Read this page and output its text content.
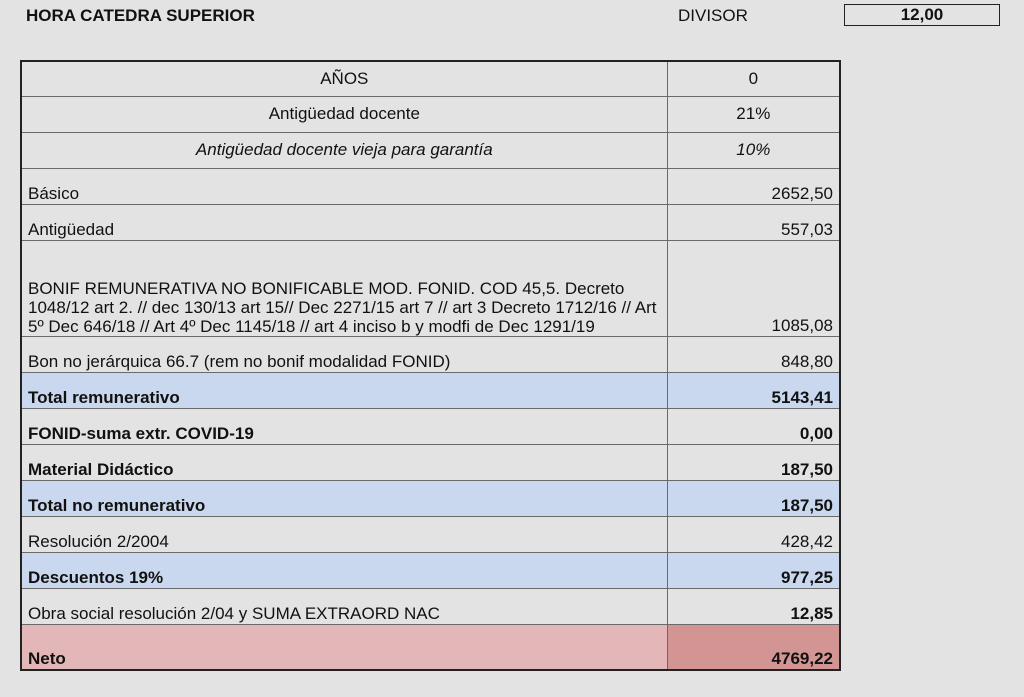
HORA CATEDRA SUPERIOR	DIVISOR	12,00
AÑOS	0
Antigüedad docente	21%
Antigüedad docente vieja para garantía	10%
Básico	2652,50
Antigüedad	557,03
BONIF REMUNERATIVA NO BONIFICABLE MOD. FONID. COD 45,5. Decreto 1048/12 art 2. // dec 130/13 art 15// Dec 2271/15 art 7 // art 3 Decreto 1712/16 // Art 5º Dec 646/18 // Art 4º Dec 1145/18 // art 4 inciso b y modfi de Dec 1291/19	1085,08
Bon no jerárquica 66.7 (rem no bonif modalidad FONID)	848,80
Total remunerativo	5143,41
FONID-suma extr. COVID-19	0,00
Material Didáctico	187,50
Total no remunerativo	187,50
Resolución 2/2004	428,42
Descuentos 19%	977,25
Obra social resolución 2/04 y SUMA EXTRAORD NAC	12,85
Neto	4769,22
